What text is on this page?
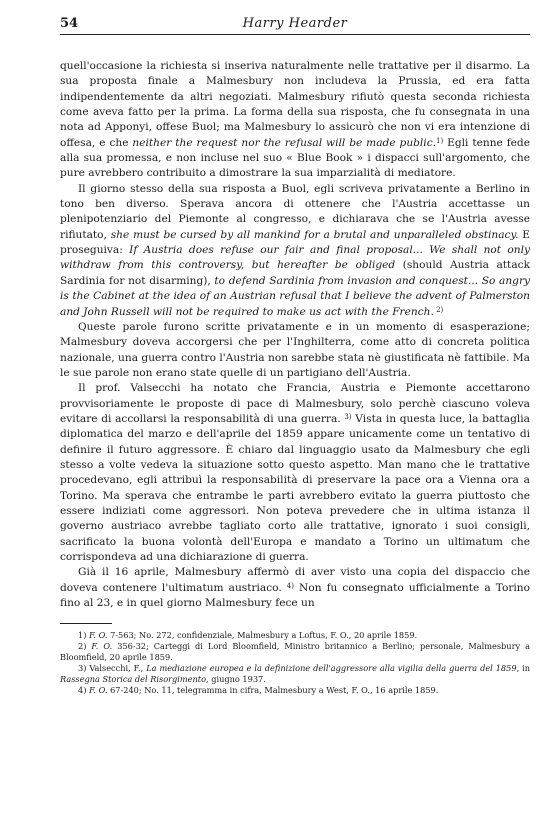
54	Harry Hearder

quell'occasione la richiesta si inseriva naturalmente nelle trattative per il disarmo. La sua proposta finale a Malmesbury non includeva la Prussia, ed era fatta indipendentemente da altri negoziati. Malmesbury rifiutò questa seconda richiesta come aveva fatto per la prima. La forma della sua risposta, che fu consegnata in una nota ad Apponyi, offese Buol; ma Malmesbury lo assicurò che non vi era intenzione di offesa, e che neither the request nor the refusal will be made public.$^{1)}$ Egli tenne fede alla sua promessa, e non incluse nel suo « Blue Book » i dispacci sull'argomento, che pure avrebbero contribuito a dimostrare la sua imparzialità di mediatore.

Il giorno stesso della sua risposta a Buol, egli scriveva privatamente a Berlino in tono ben diverso. Sperava ancora di ottenere che l'Austria accettasse un plenipotenziario del Piemonte al congresso, e dichiarava che se l'Austria avesse rifiutato, she must be cursed by all mankind for a brutal and unparalleled obstinacy. E proseguiva: If Austria does refuse our fair and final proposal... We shall not only withdraw from this controversy, but hereafter be obliged (should Austria attack Sardinia for not disarming), to defend Sardinia from invasion and conquest... So angry is the Cabinet at the idea of an Austrian refusal that I believe the advent of Palmerston and John Russell will not be required to make us act with the French. $^{2)}$

Queste parole furono scritte privatamente e in un momento di esasperazione; Malmesbury doveva accorgersi che per l'Inghilterra, come atto di concreta politica nazionale, una guerra contro l'Austria non sarebbe stata nè giustificata nè fattibile. Ma le sue parole non erano state quelle di un partigiano dell'Austria.

Il prof. Valsecchi ha notato che Francia, Austria e Piemonte accettarono provvisoriamente le proposte di pace di Malmesbury, solo perchè ciascuno voleva evitare di accollarsi la responsabilità di una guerra. $^{3)}$ Vista in questa luce, la battaglia diplomatica del marzo e dell'aprile del 1859 appare unicamente come un tentativo di definire il futuro aggressore. È chiaro dal linguaggio usato da Malmesbury che egli stesso a volte vedeva la situazione sotto questo aspetto. Man mano che le trattative procedevano, egli attribuì la responsabilità di preservare la pace ora a Vienna ora a Torino. Ma sperava che entrambe le parti avrebbero evitato la guerra piuttosto che essere indiziati come aggressori. Non poteva prevedere che in ultima istanza il governo austriaco avrebbe tagliato corto alle trattative, ignorato i suoi consigli, sacrificato la buona volontà dell'Europa e mandato a Torino un ultimatum che corrispondeva ad una dichiarazione di guerra.

Già il 16 aprile, Malmesbury affermò di aver visto una copia del dispaccio che doveva contenere l'ultimatum austriaco. $^{4)}$ Non fu consegnato ufficialmente a Torino fino al 23, e in quel giorno Malmesbury fece un

1) F. O. 7-563; No. 272, confidenziale, Malmesbury a Loftus, F. O., 20 aprile 1859.

2) F. O. 356-32; Carteggi di Lord Bloomfield, Ministro britannico a Berlino; personale, Malmesbury a Bloomfield, 20 aprile 1859.

3) Valsecchi, F., La mediazione europea e la definizione dell'aggressore alla vigilia della guerra del 1859, in Rassegna Storica del Risorgimento, giugno 1937.

4) F. O. 67-240; No. 11, telegramma in cifra, Malmesbury a West, F. O., 16 aprile 1859.
